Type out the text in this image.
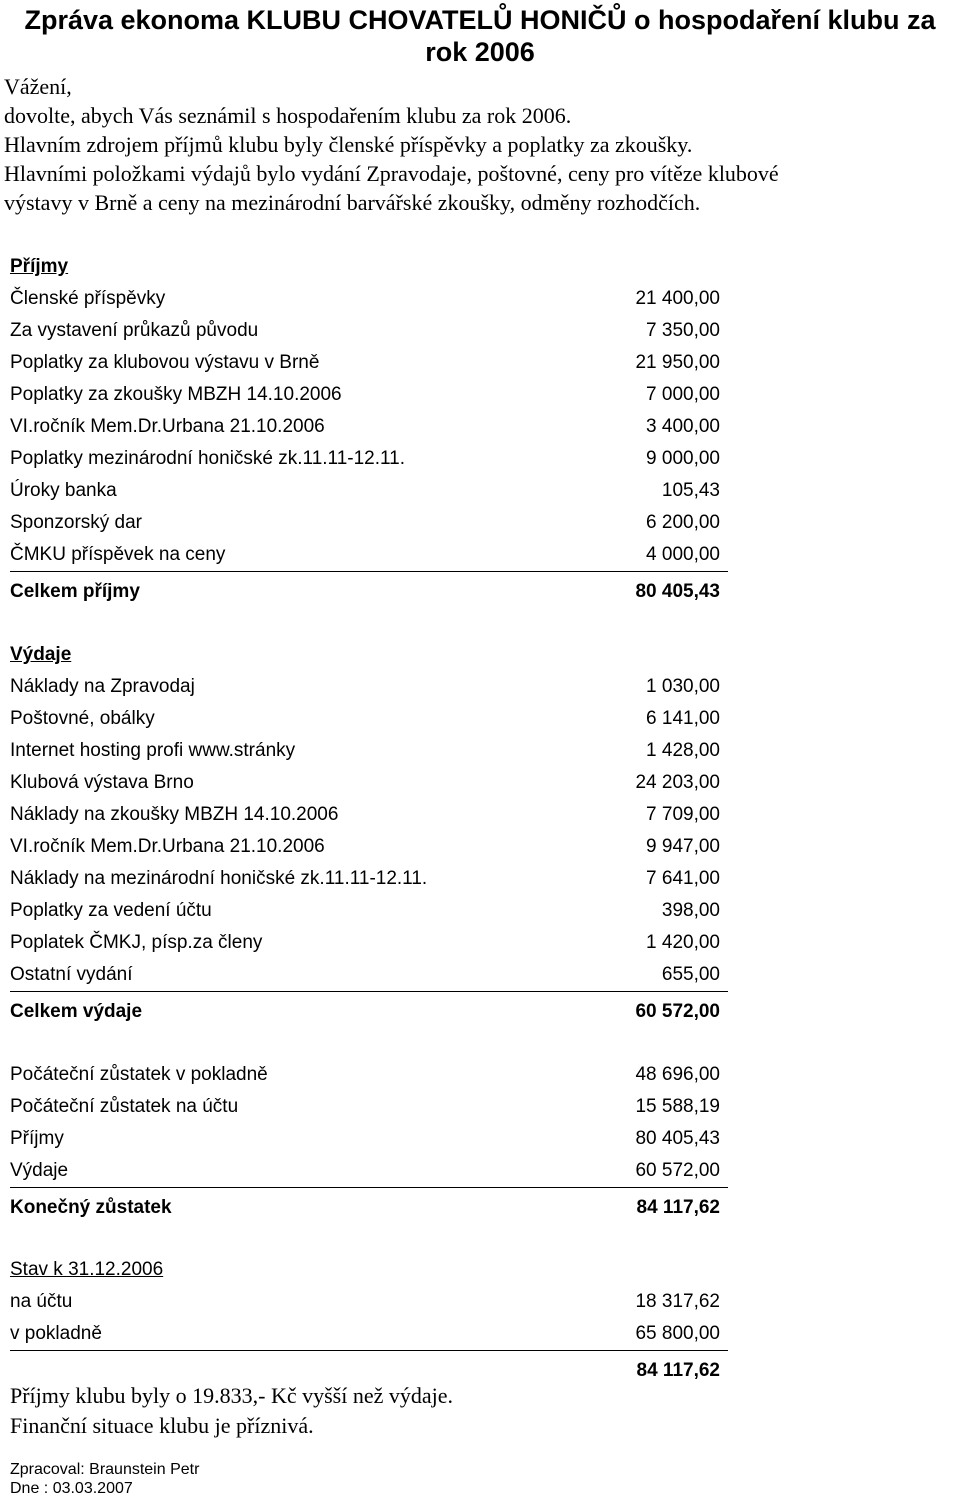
Zpráva ekonoma KLUBU CHOVATELŮ HONIČŮ o hospodaření klubu za rok 2006
Vážení,
dovolte, abych Vás seznámil s hospodařením klubu za rok 2006.
Hlavním zdrojem příjmů klubu byly členské příspěvky a poplatky za zkoušky.
Hlavními položkami výdajů bylo vydání Zpravodaje, poštovné, ceny pro vítěze klubové
výstavy v Brně a ceny na mezinárodní barvářské zkoušky, odměny rozhodčích.
Příjmy
Členské příspěvky	21 400,00
Za vystavení průkazů původu	7 350,00
Poplatky za klubovou výstavu v Brně	21 950,00
Poplatky za zkoušky MBZH 14.10.2006	7 000,00
VI.ročník Mem.Dr.Urbana 21.10.2006	3 400,00
Poplatky mezinárodní honičské zk.11.11-12.11.	9 000,00
Úroky banka	105,43
Sponzorský dar	6 200,00
ČMKU příspěvek na ceny	4 000,00
Celkem příjmy	80 405,43
Výdaje
Náklady na Zpravodaj	1 030,00
Poštovné, obálky	6 141,00
Internet hosting profi www.stránky	1 428,00
Klubová výstava Brno	24 203,00
Náklady na zkoušky MBZH 14.10.2006	7 709,00
VI.ročník Mem.Dr.Urbana 21.10.2006	9 947,00
Náklady na mezinárodní honičské zk.11.11-12.11.	7 641,00
Poplatky za vedení účtu	398,00
Poplatek ČMKJ, písp.za členy	1 420,00
Ostatní vydání	655,00
Celkem výdaje	60 572,00
Počáteční zůstatek v pokladně	48 696,00
Počáteční zůstatek na účtu	15 588,19
Příjmy	80 405,43
Výdaje	60 572,00
Konečný zůstatek	84 117,62
Stav k 31.12.2006
na účtu	18 317,62
v pokladně	65 800,00
84 117,62
Příjmy klubu byly o 19.833,- Kč vyšší než výdaje.
Finanční situace klubu je příznivá.
Zpracoval: Braunstein Petr
Dne : 03.03.2007
